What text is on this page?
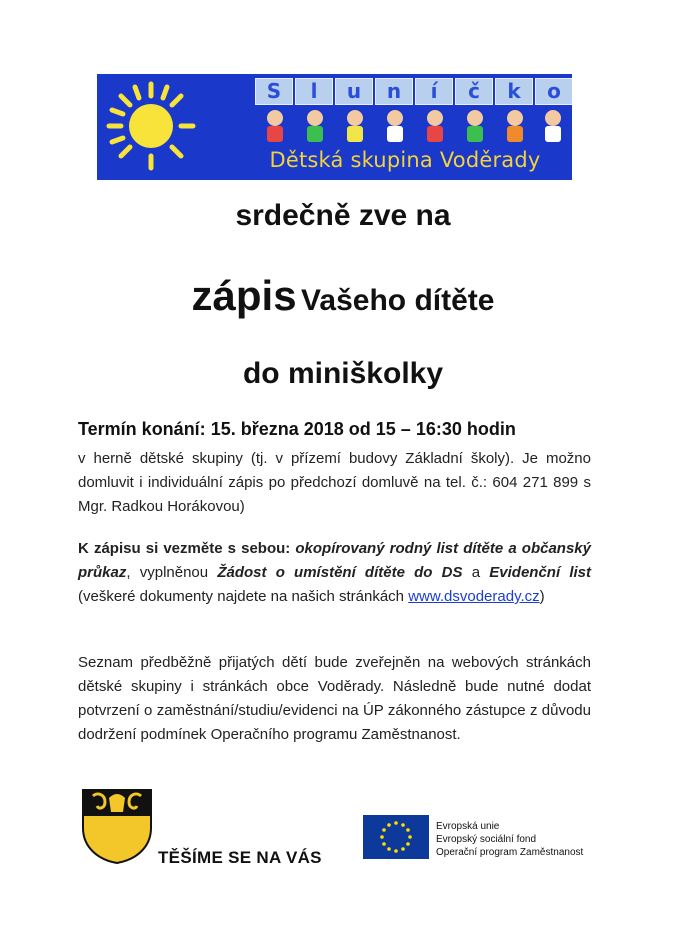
S	l	u	n	í	č	k	o
Dětská skupina Voděrady
srdečně zve na
zápis Vašeho dítěte
do miniškolky
Termín konání: 15. března 2018 od 15 – 16:30 hodin
v herně dětské skupiny (tj. v přízemí budovy Základní školy). Je možno domluvit i individuální zápis po předchozí domluvě na tel. č.: 604 271 899 s Mgr. Radkou Horákovou)
K zápisu si vezměte s sebou: okopírovaný rodný list dítěte a občanský průkaz, vyplněnou Žádost o umístění dítěte do DS a Evidenční list (veškeré dokumenty najdete na našich stránkách www.dsvoderady.cz)
Seznam předběžně přijatých dětí bude zveřejněn na webových stránkách dětské skupiny i stránkách obce Voděrady. Následně bude nutné dodat potvrzení o zaměstnání/studiu/evidenci na ÚP zákonného zástupce z důvodu dodržení podmínek Operačního programu Zaměstnanost.
TĚŠÍME SE NA VÁS
Evropská unie
Evropský sociální fond
Operační program Zaměstnanost
